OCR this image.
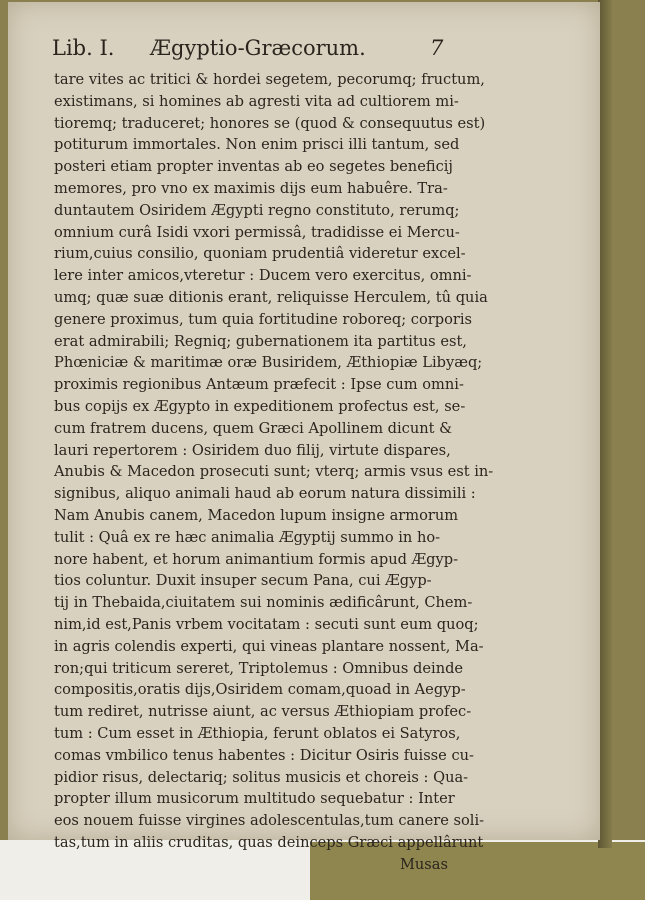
Lib. I. Ægyptio-Græcorum.	7
tare vites ac tritici & hordei segetem, pecorumq; fructum,
existimans, si homines ab agresti vita ad cultiorem mi-
tioremq; traduceret; honores se (quod & consequutus est)
potiturum immortales. Non enim prisci illi tantum, sed
posteri etiam propter inventas ab eo segetes beneficij
memores, pro vno ex maximis dijs eum habuêre. Tra-
duntautem Osiridem Ægypti regno constituto, rerumq;
omnium curâ Isidi vxori permissâ, tradidisse ei Mercu-
rium,cuius consilio, quoniam prudentiâ videretur excel-
lere inter amicos,vteretur : Ducem vero exercitus, omni-
umq; quæ suæ ditionis erant, reliquisse Herculem, tû quia
genere proximus, tum quia fortitudine roboreq; corporis
erat admirabili; Regniq; gubernationem ita partitus est,
Phœniciæ & maritimæ oræ Busiridem, Æthiopiæ Libyæq;
proximis regionibus Antæum præfecit : Ipse cum omni-
bus copijs ex Ægypto in expeditionem profectus est, se-
cum fratrem ducens, quem Græci Apollinem dicunt &
lauri repertorem : Osiridem duo filij, virtute dispares,
Anubis & Macedon prosecuti sunt; vterq; armis vsus est in-
signibus, aliquo animali haud ab eorum natura dissimili :
Nam Anubis canem, Macedon lupum insigne armorum
tulit : Quâ ex re hæc animalia Ægyptij summo in ho-
nore habent, et horum animantium formis apud Ægyp-
tios coluntur. Duxit insuper secum Pana, cui Ægyp-
tij in Thebaida,ciuitatem sui nominis ædificârunt, Chem-
nim,id est,Panis vrbem vocitatam : secuti sunt eum quoq;
in agris colendis experti, qui vineas plantare nossent, Ma-
ron;qui triticum sereret, Triptolemus : Omnibus deinde
compositis,oratis dijs,Osiridem comam,quoad in Aegyp-
tum rediret, nutrisse aiunt, ac versus Æthiopiam profec-
tum : Cum esset in Æthiopia, ferunt oblatos ei Satyros,
comas vmbilico tenus habentes : Dicitur Osiris fuisse cu-
pidior risus, delectariq; solitus musicis et choreis : Qua-
propter illum musicorum multitudo sequebatur : Inter
eos nouem fuisse virgines adolescentulas,tum canere soli-
tas,tum in aliis cruditas, quas deinceps Græci appellârunt
Musas
